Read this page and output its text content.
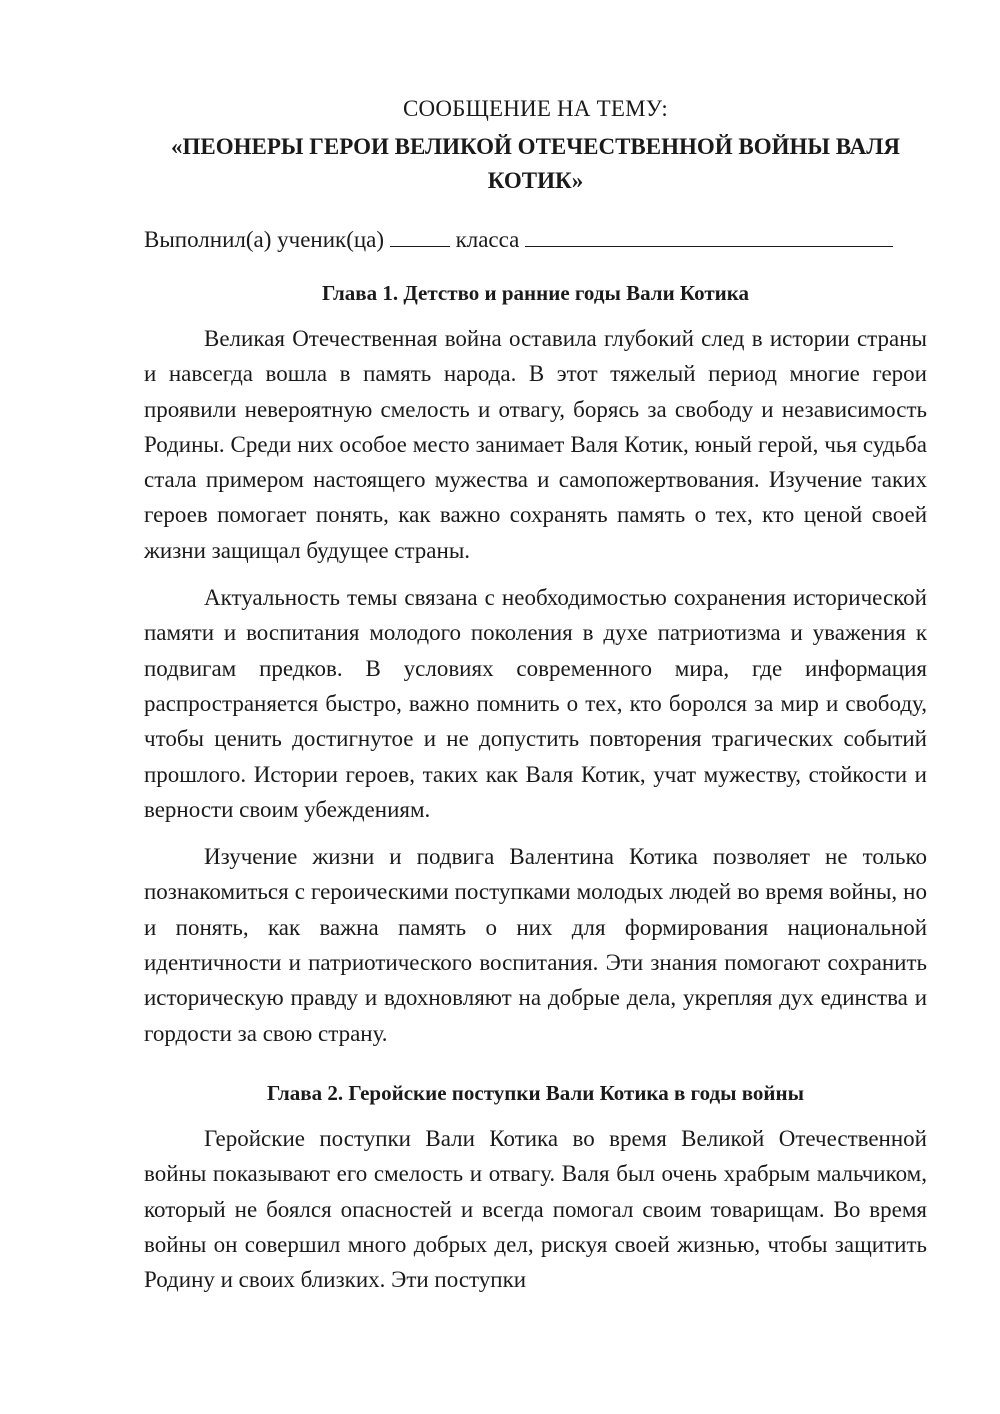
СООБЩЕНИЕ НА ТЕМУ:
«ПЕОНЕРЫ ГЕРОИ ВЕЛИКОЙ ОТЕЧЕСТВЕННОЙ ВОЙНЫ ВАЛЯ КОТИК»
Выполнил(а) ученик(ца)	класса
Глава 1. Детство и ранние годы Вали Котика

Великая Отечественная война оставила глубокий след в истории страны и навсегда вошла в память народа. В этот тяжелый период многие герои проявили невероятную смелость и отвагу, борясь за свободу и независимость Родины. Среди них особое место занимает Валя Котик, юный герой, чья судьба стала примером настоящего мужества и самопожертвования. Изучение таких героев помогает понять, как важно сохранять память о тех, кто ценой своей жизни защищал будущее страны.

Актуальность темы связана с необходимостью сохранения исторической памяти и воспитания молодого поколения в духе патриотизма и уважения к подвигам предков. В условиях современного мира, где информация распространяется быстро, важно помнить о тех, кто боролся за мир и свободу, чтобы ценить достигнутое и не допустить повторения трагических событий прошлого. Истории героев, таких как Валя Котик, учат мужеству, стойкости и верности своим убеждениям.

Изучение жизни и подвига Валентина Котика позволяет не только познакомиться с героическими поступками молодых людей во время войны, но и понять, как важна память о них для формирования национальной идентичности и патриотического воспитания. Эти знания помогают сохранить историческую правду и вдохновляют на добрые дела, укрепляя дух единства и гордости за свою страну.

Глава 2. Геройские поступки Вали Котика в годы войны

Геройские поступки Вали Котика во время Великой Отечественной войны показывают его смелость и отвагу. Валя был очень храбрым мальчиком, который не боялся опасностей и всегда помогал своим товарищам. Во время войны он совершил много добрых дел, рискуя своей жизнью, чтобы защитить Родину и своих близких. Эти поступки
